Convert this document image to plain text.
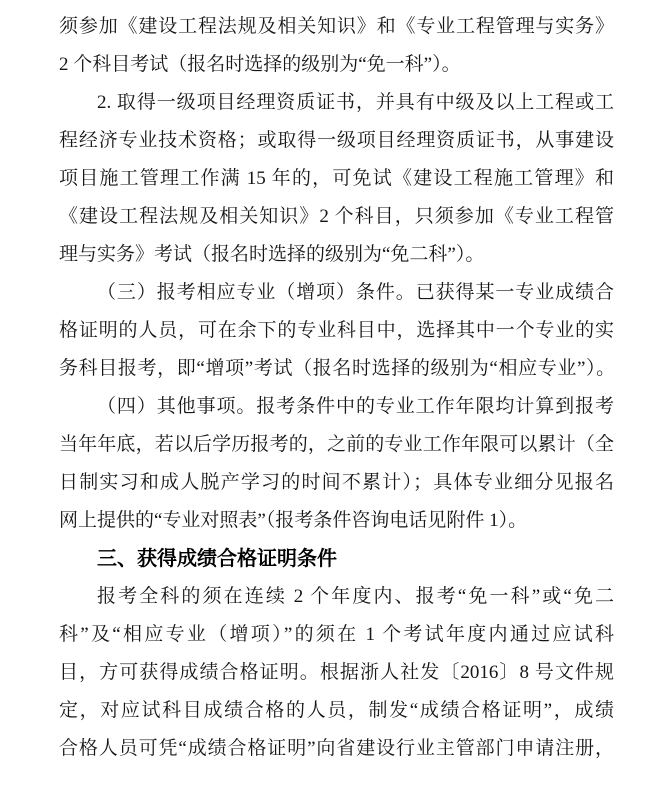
须参加《建设工程法规及相关知识》和《专业工程管理与实务》
2 个科目考试（报名时选择的级别为“免一科”）。
2. 取得一级项目经理资质证书，并具有中级及以上工程或工
程经济专业技术资格；或取得一级项目经理资质证书，从事建设
项目施工管理工作满 15 年的，可免试《建设工程施工管理》和
《建设工程法规及相关知识》2 个科目，只须参加《专业工程管
理与实务》考试（报名时选择的级别为“免二科”）。
（三）报考相应专业（增项）条件。已获得某一专业成绩合
格证明的人员，可在余下的专业科目中，选择其中一个专业的实
务科目报考，即“增项”考试（报名时选择的级别为“相应专业”）。
（四）其他事项。报考条件中的专业工作年限均计算到报考
当年年底，若以后学历报考的，之前的专业工作年限可以累计（全
日制实习和成人脱产学习的时间不累计）；具体专业细分见报名
网上提供的“专业对照表”（报考条件咨询电话见附件 1）。
三、获得成绩合格证明条件
报考全科的须在连续 2 个年度内、报考“免一科”或“免二
科”及“相应专业（增项）”的须在 1 个考试年度内通过应试科
目，方可获得成绩合格证明。根据浙人社发〔2016〕8 号文件规
定，对应试科目成绩合格的人员，制发“成绩合格证明”，成绩
合格人员可凭“成绩合格证明”向省建设行业主管部门申请注册，
